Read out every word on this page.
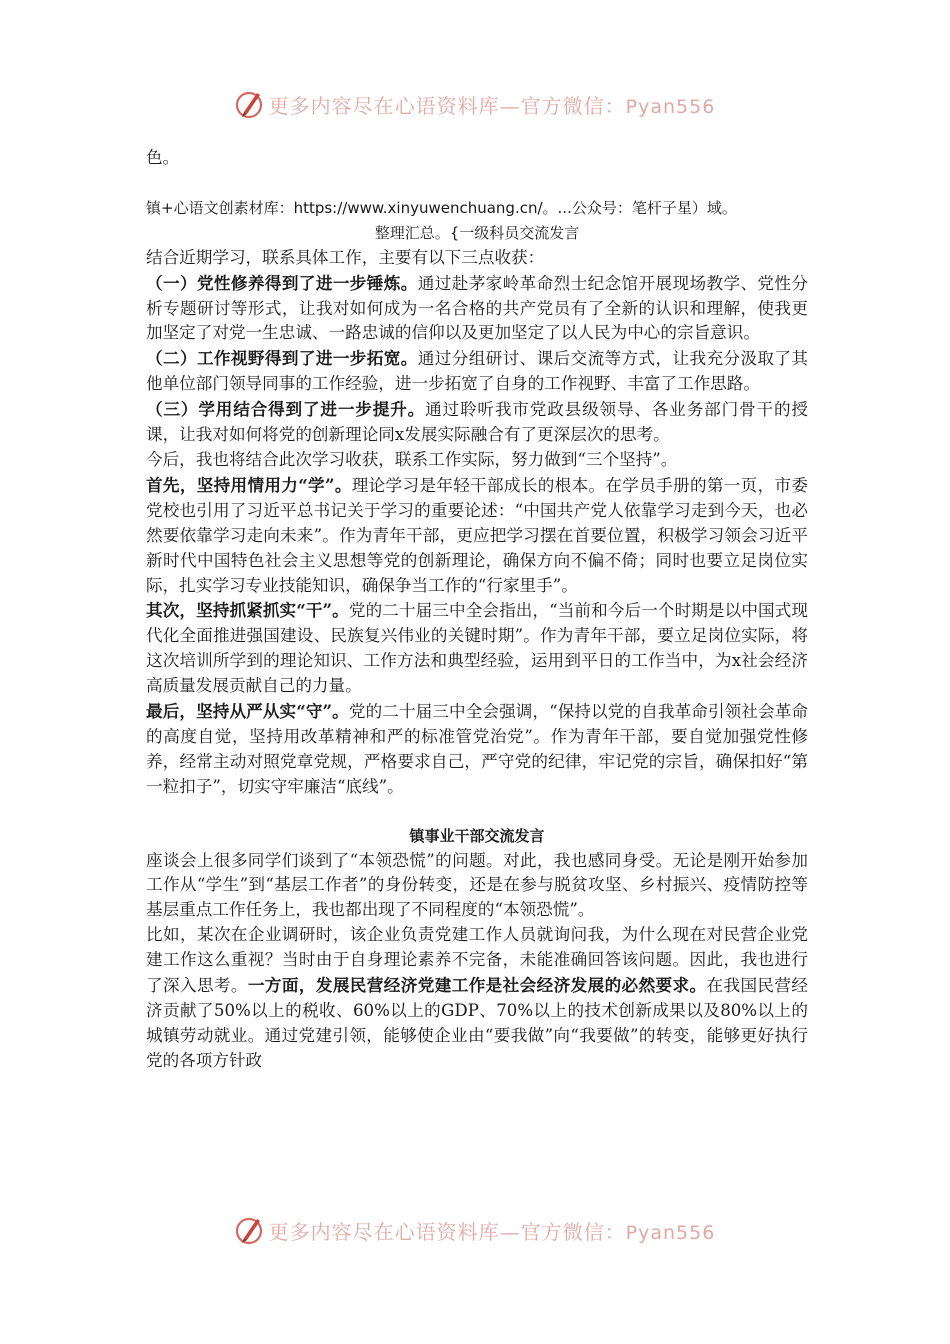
更多内容尽在心语资料库—官方微信：Pyan556

色。

镇+心语文创素材库：https://www.xinyuwenchuang.cn/。...公众号：笔杆子星）域。

整理汇总。{一级科员交流发言

结合近期学习，联系具体工作，主要有以下三点收获：

（一）党性修养得到了进一步锤炼。通过赴茅家岭革命烈士纪念馆开展现场教学、党性分析专题研讨等形式，让我对如何成为一名合格的共产党员有了全新的认识和理解，使我更加坚定了对党一生忠诚、一路忠诚的信仰以及更加坚定了以人民为中心的宗旨意识。

（二）工作视野得到了进一步拓宽。通过分组研讨、课后交流等方式，让我充分汲取了其他单位部门领导同事的工作经验，进一步拓宽了自身的工作视野、丰富了工作思路。

（三）学用结合得到了进一步提升。通过聆听我市党政县级领导、各业务部门骨干的授课，让我对如何将党的创新理论同x发展实际融合有了更深层次的思考。

今后，我也将结合此次学习收获，联系工作实际，努力做到“三个坚持”。

首先，坚持用情用力“学”。理论学习是年轻干部成长的根本。在学员手册的第一页，市委党校也引用了习近平总书记关于学习的重要论述：“中国共产党人依靠学习走到今天，也必然要依靠学习走向未来”。作为青年干部，更应把学习摆在首要位置，积极学习领会习近平新时代中国特色社会主义思想等党的创新理论，确保方向不偏不倚；同时也要立足岗位实际，扎实学习专业技能知识，确保争当工作的“行家里手”。

其次，坚持抓紧抓实“干”。党的二十届三中全会指出，“当前和今后一个时期是以中国式现代化全面推进强国建设、民族复兴伟业的关键时期”。作为青年干部，要立足岗位实际，将这次培训所学到的理论知识、工作方法和典型经验，运用到平日的工作当中，为x社会经济高质量发展贡献自己的力量。

最后，坚持从严从实“守”。党的二十届三中全会强调，“保持以党的自我革命引领社会革命的高度自觉，坚持用改革精神和严的标准管党治党”。作为青年干部，要自觉加强党性修养，经常主动对照党章党规，严格要求自己，严守党的纪律，牢记党的宗旨，确保扣好“第一粒扣子”，切实守牢廉洁“底线”。

镇事业干部交流发言

座谈会上很多同学们谈到了“本领恐慌”的问题。对此，我也感同身受。无论是刚开始参加工作从“学生”到“基层工作者”的身份转变，还是在参与脱贫攻坚、乡村振兴、疫情防控等基层重点工作任务上，我也都出现了不同程度的“本领恐慌”。

比如，某次在企业调研时，该企业负责党建工作人员就询问我，为什么现在对民营企业党建工作这么重视？当时由于自身理论素养不完备，未能准确回答该问题。因此，我也进行了深入思考。一方面，发展民营经济党建工作是社会经济发展的必然要求。在我国民营经济贡献了50%以上的税收、60%以上的GDP、70%以上的技术创新成果以及80%以上的城镇劳动就业。通过党建引领，能够使企业由“要我做”向“我要做”的转变，能够更好执行党的各项方针政

更多内容尽在心语资料库—官方微信：Pyan556
